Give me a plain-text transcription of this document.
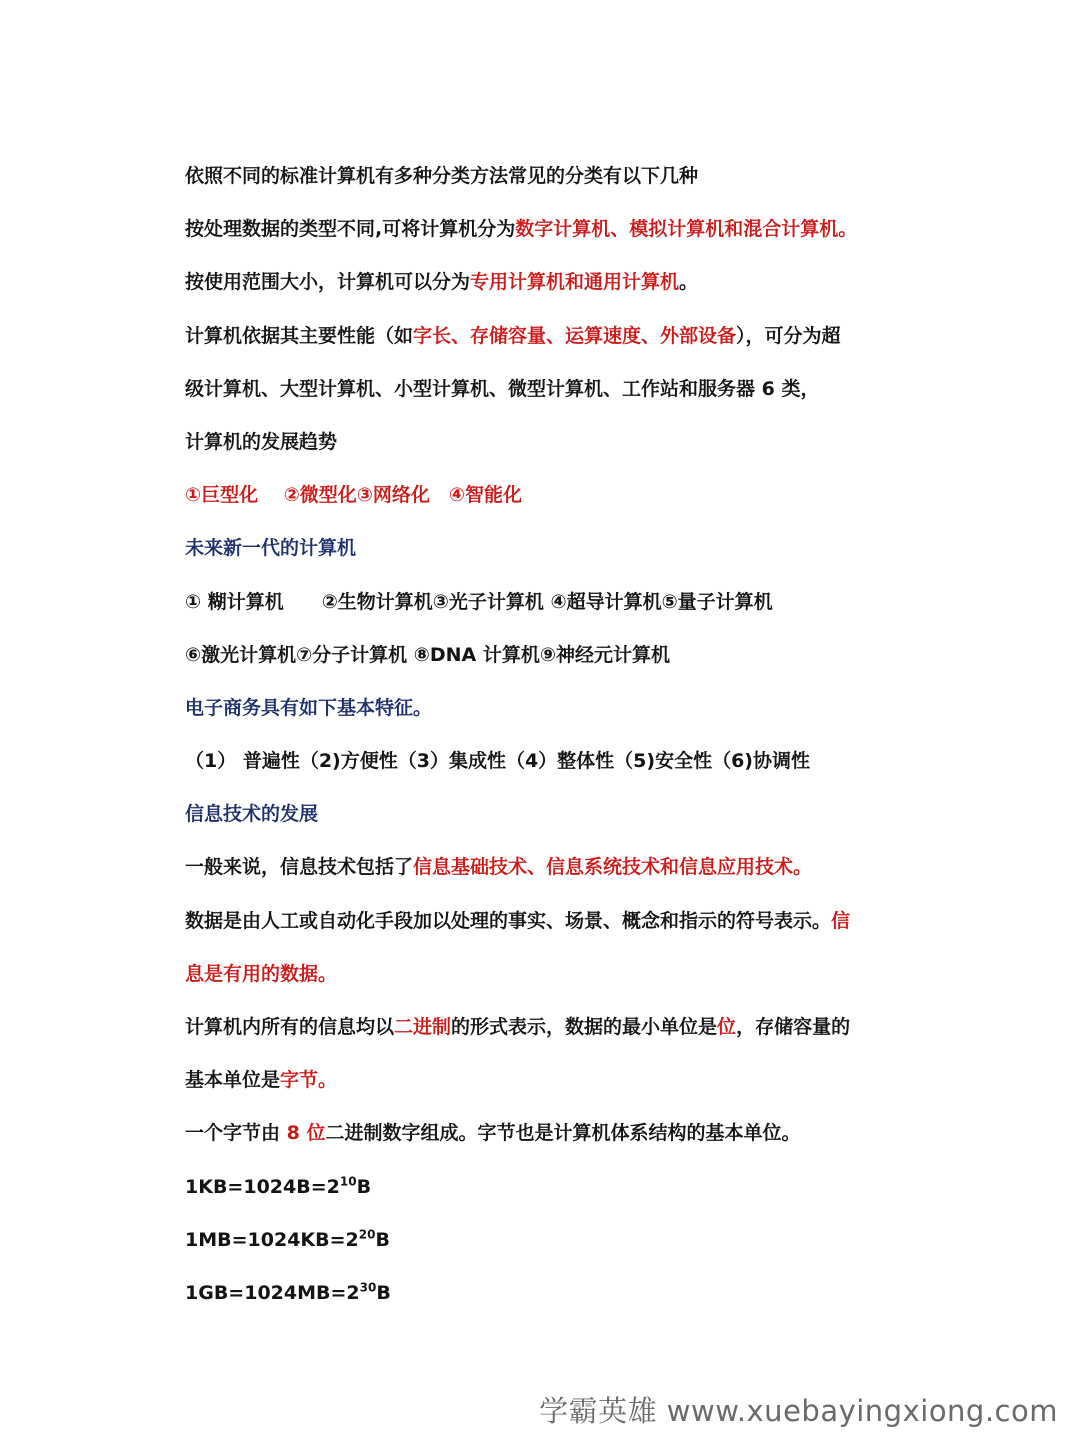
依照不同的标准计算机有多种分类方法常见的分类有以下几种
按处理数据的类型不同,可将计算机分为数字计算机、模拟计算机和混合计算机。
按使用范围大小，计算机可以分为专用计算机和通用计算机。
计算机依据其主要性能（如字长、存储容量、运算速度、外部设备），可分为超
级计算机、大型计算机、小型计算机、微型计算机、工作站和服务器 6 类，
计算机的发展趋势
①巨型化　 ②微型化③网络化　④智能化
未来新一代的计算机
① 糊计算机　　②生物计算机③光子计算机 ④超导计算机⑤量子计算机
⑥激光计算机⑦分子计算机 ⑧DNA 计算机⑨神经元计算机
电子商务具有如下基本特征。
（1） 普遍性（2)方便性（3）集成性（4）整体性（5)安全性（6)协调性
信息技术的发展
一般来说，信息技术包括了信息基础技术、信息系统技术和信息应用技术。
数据是由人工或自动化手段加以处理的事实、场景、概念和指示的符号表示。信
息是有用的数据。
计算机内所有的信息均以二进制的形式表示，数据的最小单位是位，存储容量的
基本单位是字节。
一个字节由 8 位二进制数字组成。字节也是计算机体系结构的基本单位。
$1KB=1024B=2^{10}B$
$1MB=1024KB=2^{20}B$
$1GB=1024MB=2^{30}B$
学霸英雄 www.xuebayingxiong.com
